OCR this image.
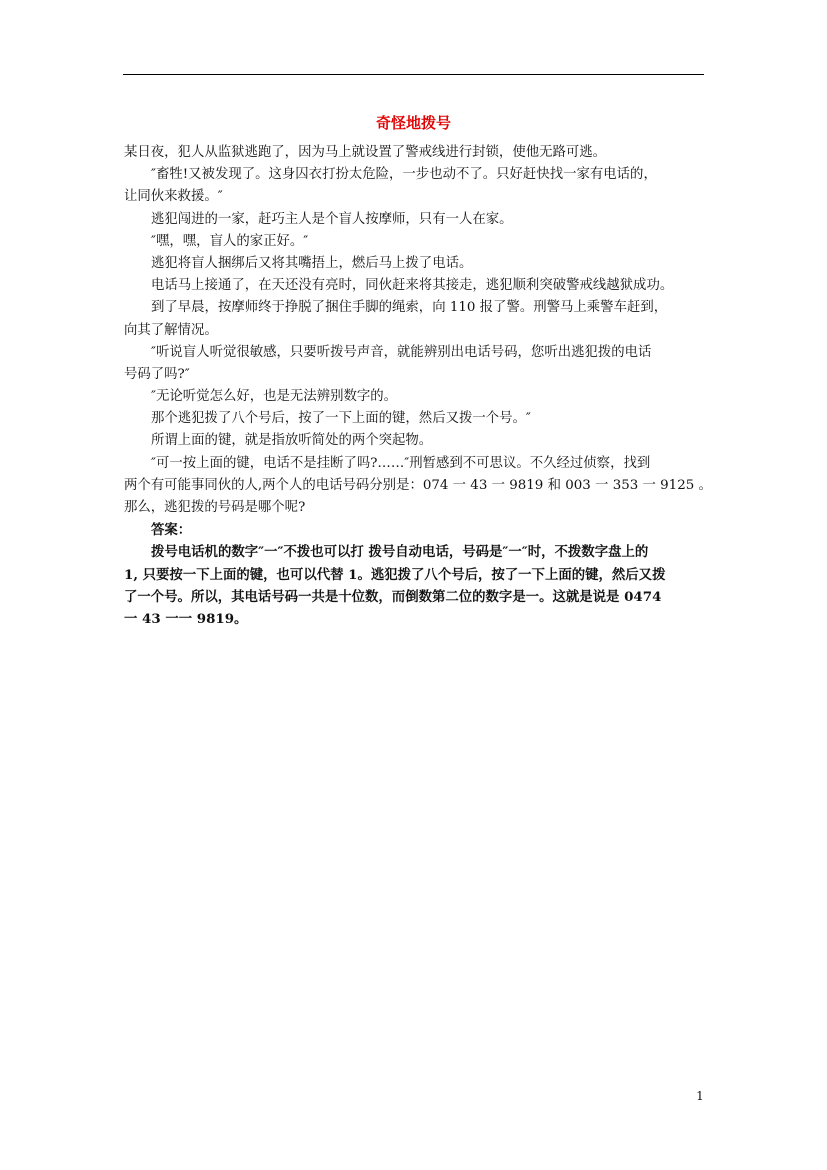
奇怪地拨号
某日夜，犯人从监狱逃跑了，因为马上就设置了警戒线进行封锁，使他无路可逃。
″畜牲!又被发现了。这身囚衣打扮太危险，一步也动不了。只好赶快找一家有电话的，
让同伙来救援。″
逃犯闯进的一家，赶巧主人是个盲人按摩师，只有一人在家。
″嘿，嘿，盲人的家正好。″
逃犯将盲人捆绑后又将其嘴捂上，燃后马上拨了电话。
电话马上接通了，在天还没有亮时，同伙赶来将其接走，逃犯顺利突破警戒线越狱成功。
到了早晨，按摩师终于挣脱了捆住手脚的绳索，向 110 报了警。刑警马上乘警车赶到，
向其了解情况。
″听说盲人听觉很敏感，只要听拨号声音，就能辨别出电话号码，您听出逃犯拨的电话
号码了吗?″
″无论听觉怎么好，也是无法辨别数字的。
那个逃犯拨了八个号后，按了一下上面的键，然后又拨一个号。″
所谓上面的键，就是指放听简处的两个突起物。
″可一按上面的键，电话不是挂断了吗?……″刑暂感到不可思议。不久经过侦察，找到
两个有可能事同伙的人,两个人的电话号码分别是：074 一 43 一 9819 和 003 一 353 一 9125 。
那么，逃犯拨的号码是哪个呢?
答案：
拨号电话机的数字″一″不拨也可以打 拨号自动电话，号码是″一″时，不拨数字盘上的
1, 只要按一下上面的键，也可以代替 1。逃犯拨了八个号后，按了一下上面的键，然后又拨
了一个号。所以，其电话号码一共是十位数，而倒数第二位的数字是一。这就是说是 0474
一 43 一一 9819。
1
